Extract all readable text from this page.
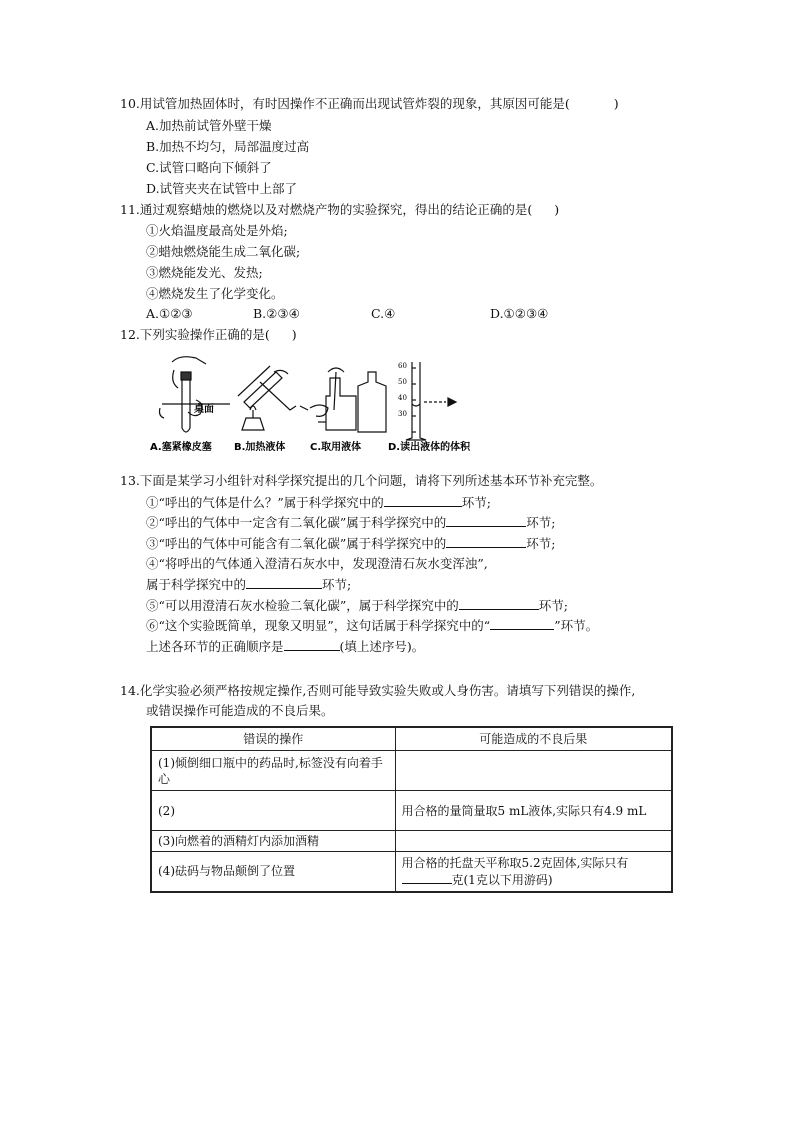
10.用试管加热固体时，有时因操作不正确而出现试管炸裂的现象，其原因可能是(	)
A.加热前试管外壁干燥
B.加热不均匀，局部温度过高
C.试管口略向下倾斜了
D.试管夹夹在试管中上部了
11.通过观察蜡烛的燃烧以及对燃烧产物的实验探究，得出的结论正确的是( )
①火焰温度最高处是外焰;
②蜡烛燃烧能生成二氧化碳;
③燃烧能发光、发热;
④燃烧发生了化学变化。
A.①②③	B.②③④	C.④	D.①②③④
12.下列实验操作正确的是( )
桌面
60
50
40
30
A.塞紧橡皮塞 B.加热液体 C.取用液体	D.读出液体的体积
13.下面是某学习小组针对科学探究提出的几个问题，请将下列所述基本环节补充完整。
①“呼出的气体是什么？”属于科学探究中的	环节;
②“呼出的气体中一定含有二氧化碳”属于科学探究中的	环节;
③“呼出的气体中可能含有二氧化碳”属于科学探究中的	环节;
④“将呼出的气体通入澄清石灰水中，发现澄清石灰水变浑浊”,
属于科学探究中的	环节;
⑤“可以用澄清石灰水检验二氧化碳”，属于科学探究中的	环节;
⑥“这个实验既简单，现象又明显”，这句话属于科学探究中的“	”环节。
上述各环节的正确顺序是	(填上述序号)。
14.化学实验必须严格按规定操作,否则可能导致实验失败或人身伤害。请填写下列错误的操作,
或错误操作可能造成的不良后果。
错误的操作	可能造成的不良后果
(1)倾倒细口瓶中的药品时,标签没有向着手心	
(2)	用合格的量筒量取5 mL液体,实际只有4.9 mL
(3)向燃着的酒精灯内添加酒精	
(4)砝码与物品颠倒了位置	用合格的托盘天平称取5.2克固体,实际只有克(1克以下用游码)
